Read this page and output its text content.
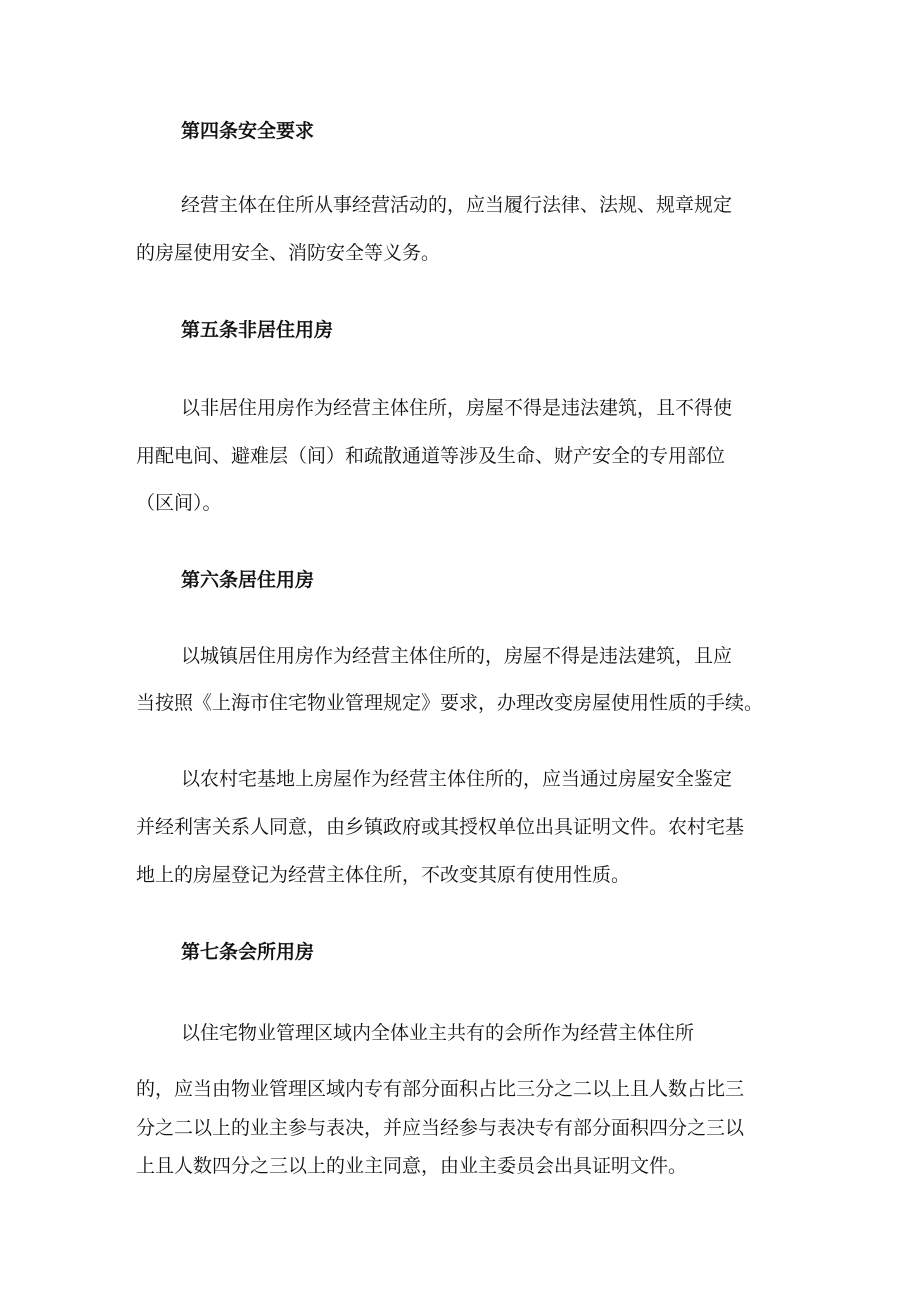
第四条安全要求
经营主体在住所从事经营活动的，应当履行法律、法规、规章规定
的房屋使用安全、消防安全等义务。
第五条非居住用房
以非居住用房作为经营主体住所，房屋不得是违法建筑，且不得使
用配电间、避难层（间）和疏散通道等涉及生命、财产安全的专用部位
（区间）。
第六条居住用房
以城镇居住用房作为经营主体住所的，房屋不得是违法建筑，且应
当按照《上海市住宅物业管理规定》要求，办理改变房屋使用性质的手续。
以农村宅基地上房屋作为经营主体住所的，应当通过房屋安全鉴定
并经利害关系人同意，由乡镇政府或其授权单位出具证明文件。农村宅基
地上的房屋登记为经营主体住所，不改变其原有使用性质。
第七条会所用房
以住宅物业管理区域内全体业主共有的会所作为经营主体住所
的，应当由物业管理区域内专有部分面积占比三分之二以上且人数占比三
分之二以上的业主参与表决，并应当经参与表决专有部分面积四分之三以
上且人数四分之三以上的业主同意，由业主委员会出具证明文件。
